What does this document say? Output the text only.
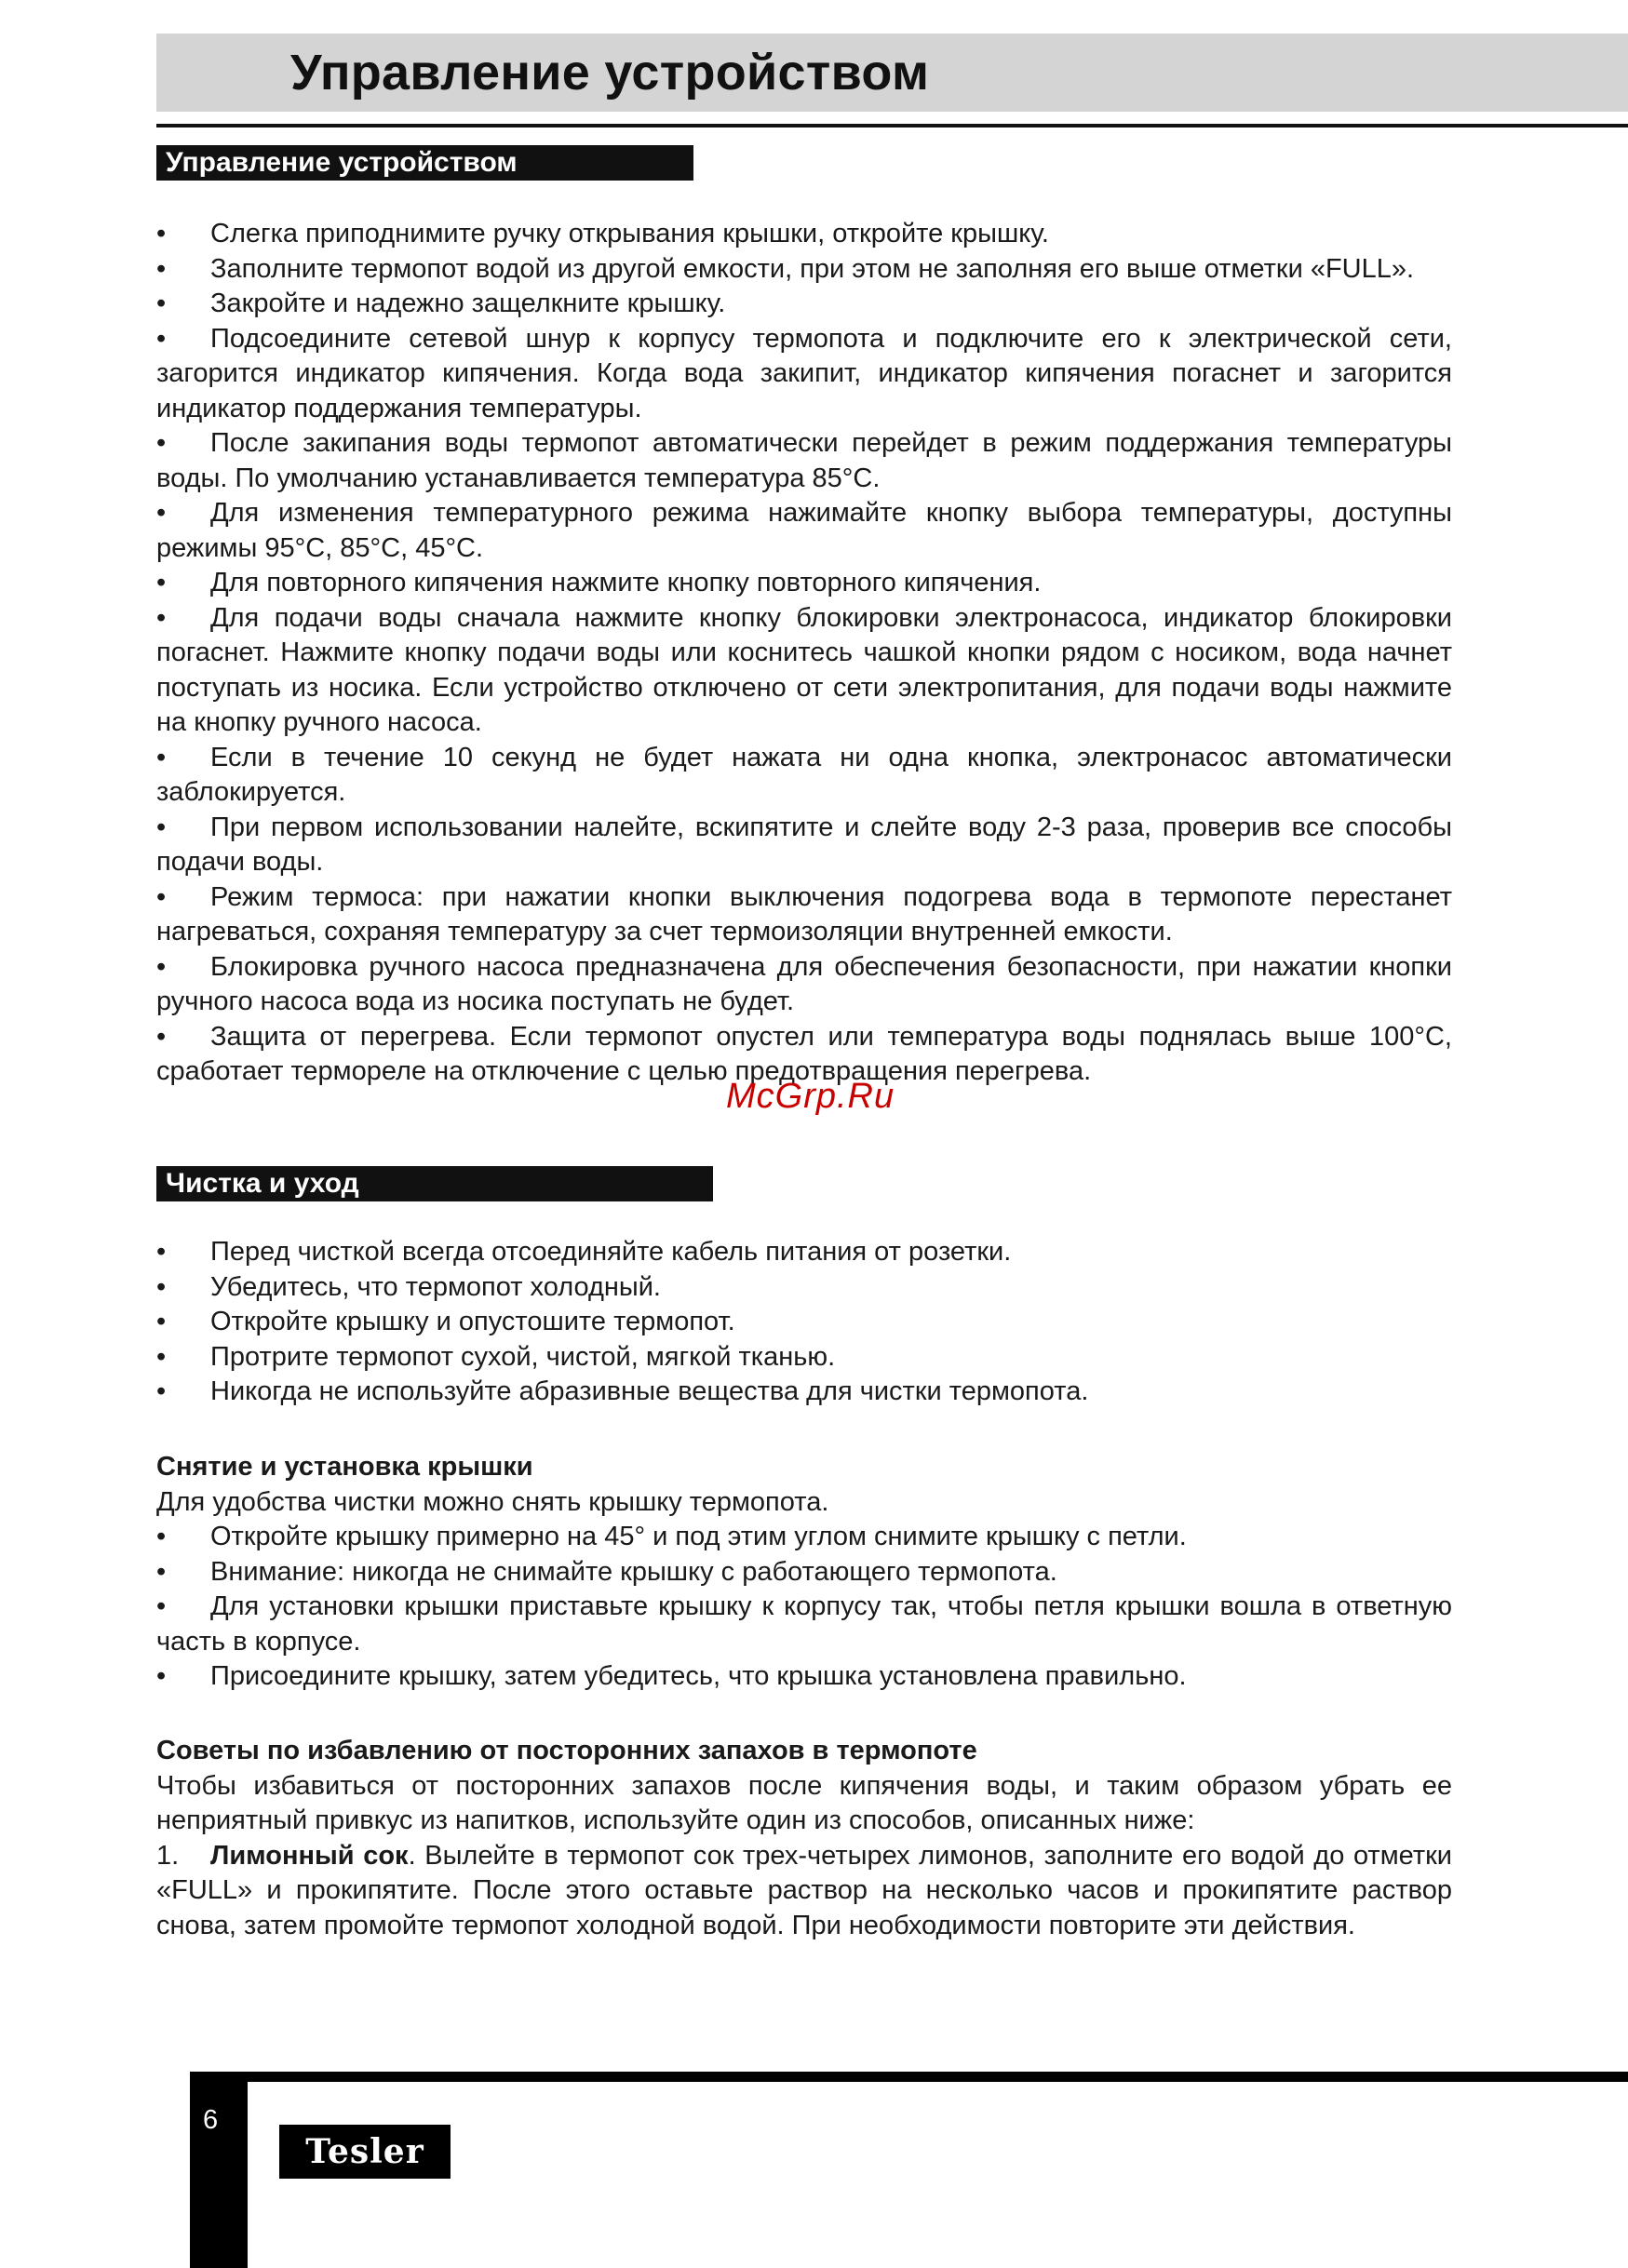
Управление устройством
Управление устройством
• Слегка приподнимите ручку открывания крышки, откройте крышку.
• Заполните термопот водой из другой емкости, при этом не заполняя его выше отметки «FULL».
• Закройте и надежно защелкните крышку.
• Подсоедините сетевой шнур к корпусу термопота и подключите его к электрической сети, загорится индикатор кипячения. Когда вода закипит, индикатор кипячения погаснет и загорится индикатор поддержания температуры.
• После закипания воды термопот автоматически перейдет в режим поддержания температуры воды. По умолчанию устанавливается температура 85°С.
• Для изменения температурного режима нажимайте кнопку выбора температуры, доступны режимы 95°С, 85°С, 45°С.
• Для повторного кипячения нажмите кнопку повторного кипячения.
• Для подачи воды сначала нажмите кнопку блокировки электронасоса, индикатор блокировки погаснет. Нажмите кнопку подачи воды или коснитесь чашкой кнопки рядом с носиком, вода начнет поступать из носика. Если устройство отключено от сети электропитания, для подачи воды нажмите на кнопку ручного насоса.
• Если в течение 10 секунд не будет нажата ни одна кнопка, электронасос автоматически заблокируется.
• При первом использовании налейте, вскипятите и слейте воду 2-3 раза, проверив все способы подачи воды.
• Режим термоса: при нажатии кнопки выключения подогрева вода в термопоте перестанет нагреваться, сохраняя температуру за счет термоизоляции внутренней емкости.
• Блокировка ручного насоса предназначена для обеспечения безопасности, при нажатии кнопки ручного насоса вода из носика поступать не будет.
• Защита от перегрева. Если термопот опустел или температура воды поднялась выше 100°С, сработает термореле на отключение с целью предотвращения перегрева.
McGrp.Ru
Чистка и уход
• Перед чисткой всегда отсоединяйте кабель питания от розетки.
• Убедитесь, что термопот холодный.
• Откройте крышку и опустошите термопот.
• Протрите термопот сухой, чистой, мягкой тканью.
• Никогда не используйте абразивные вещества для чистки термопота.
Снятие и установка крышки
Для удобства чистки можно снять крышку термопота.
• Откройте крышку примерно на 45° и под этим углом снимите крышку с петли.
• Внимание: никогда не снимайте крышку с работающего термопота.
• Для установки крышки приставьте крышку к корпусу так, чтобы петля крышки вошла в ответную часть в корпусе.
• Присоедините крышку, затем убедитесь, что крышка установлена правильно.
Советы по избавлению от посторонних запахов в термопоте
Чтобы избавиться от посторонних запахов после кипячения воды, и таким образом убрать ее неприятный привкус из напитков, используйте один из способов, описанных ниже:
1. Лимонный сок. Вылейте в термопот сок трех-четырех лимонов, заполните его водой до отметки «FULL» и прокипятите. После этого оставьте раствор на несколько часов и прокипятите раствор снова, затем промойте термопот холодной водой. При необходимости повторите эти действия.
6
Tesler
